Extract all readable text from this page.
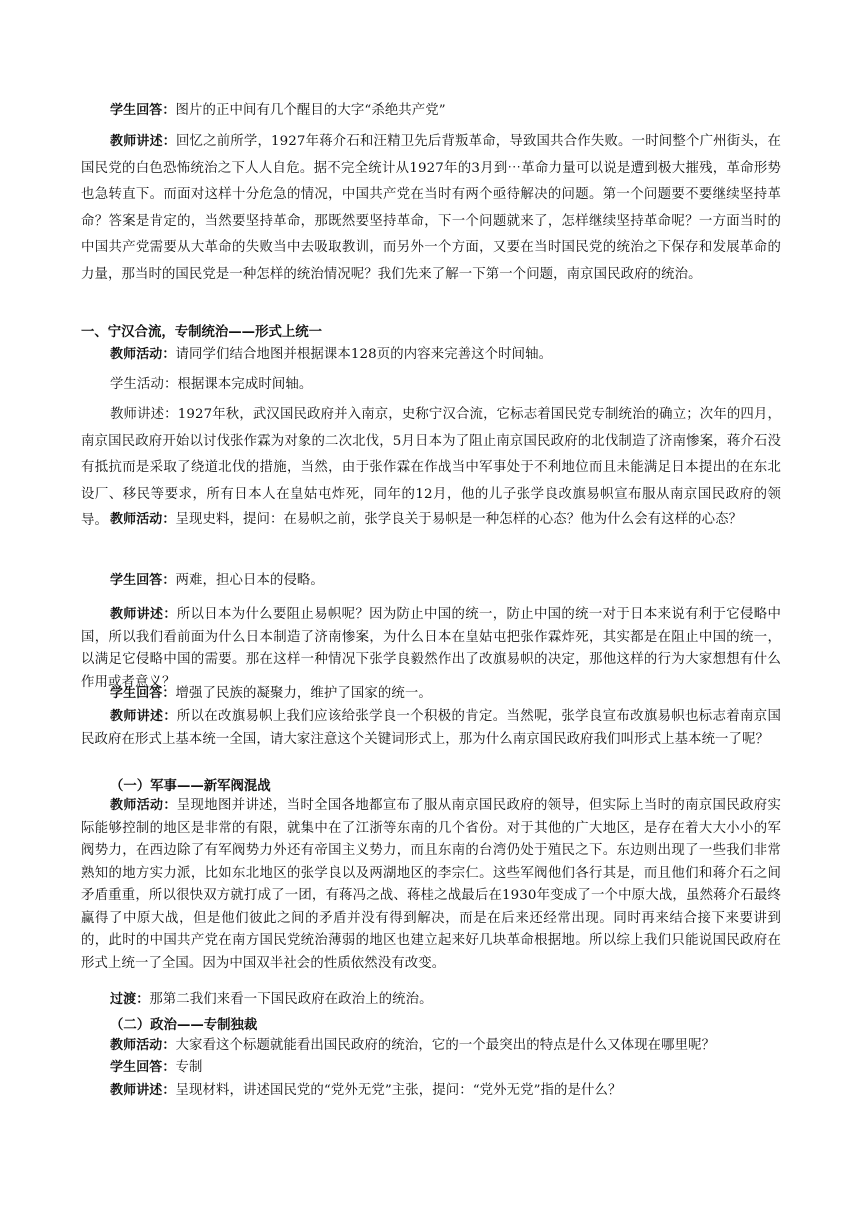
学生回答：图片的正中间有几个醒目的大字“杀绝共产党”

教师讲述：回忆之前所学，1927年蒋介石和汪精卫先后背叛革命，导致国共合作失败。一时间整个广州街头，在国民党的白色恐怖统治之下人人自危。据不完全统计从1927年的3月到⋯革命力量可以说是遭到极大摧残，革命形势也急转直下。而面对这样十分危急的情况，中国共产党在当时有两个亟待解决的问题。第一个问题要不要继续坚持革命？答案是肯定的，当然要坚持革命，那既然要坚持革命，下一个问题就来了，怎样继续坚持革命呢？一方面当时的中国共产党需要从大革命的失败当中去吸取教训，而另外一个方面，又要在当时国民党的统治之下保存和发展革命的力量，那当时的国民党是一种怎样的统治情况呢？我们先来了解一下第一个问题，南京国民政府的统治。

一、宁汉合流，专制统治——形式上统一

教师活动：请同学们结合地图并根据课本128页的内容来完善这个时间轴。

学生活动：根据课本完成时间轴。

教师讲述：1927年秋，武汉国民政府并入南京，史称宁汉合流，它标志着国民党专制统治的确立；次年的四月，南京国民政府开始以讨伐张作霖为对象的二次北伐，5月日本为了阻止南京国民政府的北伐制造了济南惨案，蒋介石没有抵抗而是采取了绕道北伐的措施，当然，由于张作霖在作战当中军事处于不利地位而且未能满足日本提出的在东北设厂、移民等要求，所有日本人在皇姑屯炸死，同年的12月，他的儿子张学良改旗易帜宣布服从南京国民政府的领导。 教师活动：呈现史料，提问：在易帜之前，张学良关于易帜是一种怎样的心态？他为什么会有这样的心态？

学生回答：两难，担心日本的侵略。

教师讲述：所以日本为什么要阻止易帜呢？因为防止中国的统一，防止中国的统一对于日本来说有利于它侵略中国，所以我们看前面为什么日本制造了济南惨案，为什么日本在皇姑屯把张作霖炸死，其实都是在阻止中国的统一，以满足它侵略中国的需要。那在这样一种情况下张学良毅然作出了改旗易帜的决定，那他这样的行为大家想想有什么作用或者意义？

学生回答：增强了民族的凝聚力，维护了国家的统一。

教师讲述：所以在改旗易帜上我们应该给张学良一个积极的肯定。当然呢，张学良宣布改旗易帜也标志着南京国民政府在形式上基本统一全国，请大家注意这个关键词形式上，那为什么南京国民政府我们叫形式上基本统一了呢？

（一）军事——新军阀混战

教师活动：呈现地图并讲述，当时全国各地都宣布了服从南京国民政府的领导，但实际上当时的南京国民政府实际能够控制的地区是非常的有限，就集中在了江浙等东南的几个省份。对于其他的广大地区，是存在着大大小小的军阀势力，在西边除了有军阀势力外还有帝国主义势力，而且东南的台湾仍处于殖民之下。东边则出现了一些我们非常熟知的地方实力派，比如东北地区的张学良以及两湖地区的李宗仁。这些军阀他们各行其是，而且他们和蒋介石之间矛盾重重，所以很快双方就打成了一团，有蒋冯之战、蒋桂之战最后在1930年变成了一个中原大战，虽然蒋介石最终赢得了中原大战，但是他们彼此之间的矛盾并没有得到解决，而是在后来还经常出现。同时再来结合接下来要讲到的，此时的中国共产党在南方国民党统治薄弱的地区也建立起来好几块革命根据地。所以综上我们只能说国民政府在形式上统一了全国。因为中国双半社会的性质依然没有改变。

过渡：那第二我们来看一下国民政府在政治上的统治。

（二）政治——专制独裁

教师活动：大家看这个标题就能看出国民政府的统治，它的一个最突出的特点是什么又体现在哪里呢？

学生回答：专制

教师讲述：呈现材料，讲述国民党的“党外无党”主张，提问：“党外无党”指的是什么？
